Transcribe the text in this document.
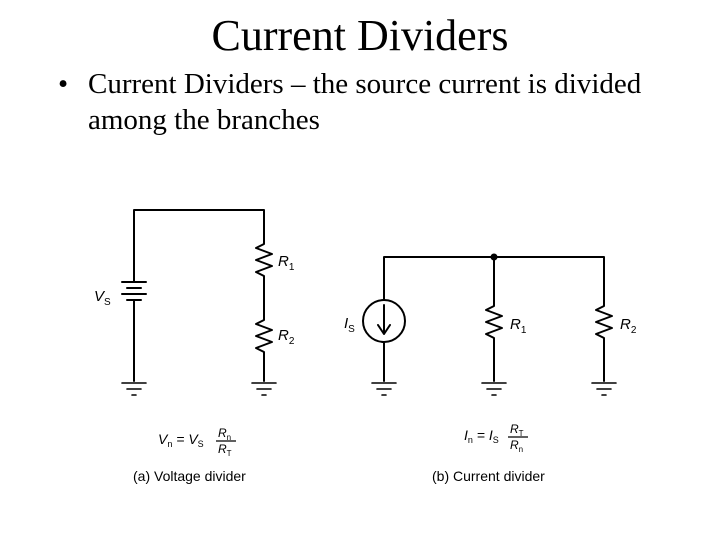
Current Dividers
• Current Dividers – the source current is divided among the branches
$V_S$
$R_1$
$R_2$
$V_n = V_S$
$R_n$
$R_T$
(a) Voltage divider
$I_S$	$R_1$	$R_2$
$I_n = I_S$
$R_T$
$R_n$
(b) Current divider
